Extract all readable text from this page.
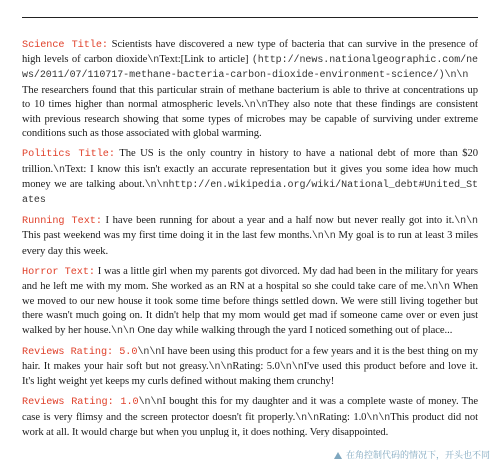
Science Title: Scientists have discovered a new type of bacteria that can survive in the presence of high levels of carbon dioxide\nText:[Link to article] (http://news.nationalgeographic.com/news/2011/07/110717-methane-bacteria-carbon-dioxide-environment-science/)\n\nThe researchers found that this particular strain of methane bacterium is able to thrive at concentrations up to 10 times higher than normal atmospheric levels.\n\nThey also note that these findings are consistent with previous research showing that some types of microbes may be capable of surviving under extreme conditions such as those associated with global warming.

Politics Title: The US is the only country in history to have a national debt of more than $20 trillion.\nText: I know this isn't exactly an accurate representation but it gives you some idea how much money we are talking about.\n\nhttp://en.wikipedia.org/wiki/National_debt#United_States

Running Text: I have been running for about a year and a half now but never really got into it.\n\n This past weekend was my first time doing it in the last few months.\n\n My goal is to run at least 3 miles every day this week.

Horror Text: I was a little girl when my parents got divorced. My dad had been in the military for years and he left me with my mom. She worked as an RN at a hospital so she could take care of me.\n\n When we moved to our new house it took some time before things settled down. We were still living together but there wasn't much going on. It didn't help that my mom would get mad if someone came over or even just walked by her house.\n\n One day while walking through the yard I noticed something out of place...

Reviews Rating: 5.0\n\nI have been using this product for a few years and it is the best thing on my hair. It makes your hair soft but not greasy.\n\nRating: 5.0\n\nI've used this product before and love it. It's light weight yet keeps my curls defined without making them crunchy!

Reviews Rating: 1.0\n\nI bought this for my daughter and it was a complete waste of money. The case is very flimsy and the screen protector doesn't fit properly.\n\nRating: 1.0\n\nThis product did not work at all. It would charge but when you unplug it, it does nothing. Very disappointed.

在角控制代码的情况下，开头也不同
